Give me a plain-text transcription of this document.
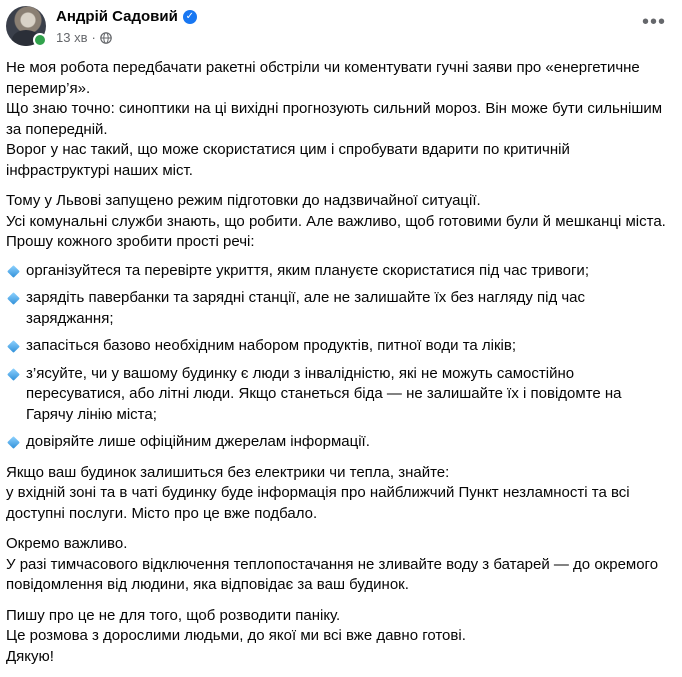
Андрій Садовий ✓
13 хв ·
•••

Не моя робота передбачати ракетні обстріли чи коментувати гучні заяви про «енергетичне перемир’я».
Що знаю точно: синоптики на ці вихідні прогнозують сильний мороз. Він може бути сильнішим за попередній.
Ворог у нас такий, що може скористатися цим і спробувати вдарити по критичній інфраструктурі наших міст.

Тому у Львові запущено режим підготовки до надзвичайної ситуації.
Усі комунальні служби знають, що робити. Але важливо, щоб готовими були й мешканці міста.
Прошу кожного зробити прості речі:

організуйтеся та перевірте укриття, яким плануєте скористатися під час тривоги;
зарядіть павербанки та зарядні станції, але не залишайте їх без нагляду під час заряджання;
запасіться базово необхідним набором продуктів, питної води та ліків;
з’ясуйте, чи у вашому будинку є люди з інвалідністю, які не можуть самостійно пересуватися, або літні люди. Якщо станеться біда — не залишайте їх і повідомте на Гарячу лінію міста;
довіряйте лише офіційним джерелам інформації.

Якщо ваш будинок залишиться без електрики чи тепла, знайте:
у вхідній зоні та в чаті будинку буде інформація про найближчий Пункт незламності та всі доступні послуги. Місто про це вже подбало.

Окремо важливо.
У разі тимчасового відключення теплопостачання не зливайте воду з батарей — до окремого повідомлення від людини, яка відповідає за ваш будинок.

Пишу про це не для того, щоб розводити паніку.
Це розмова з дорослими людьми, до якої ми всі вже давно готові.
Дякую!
